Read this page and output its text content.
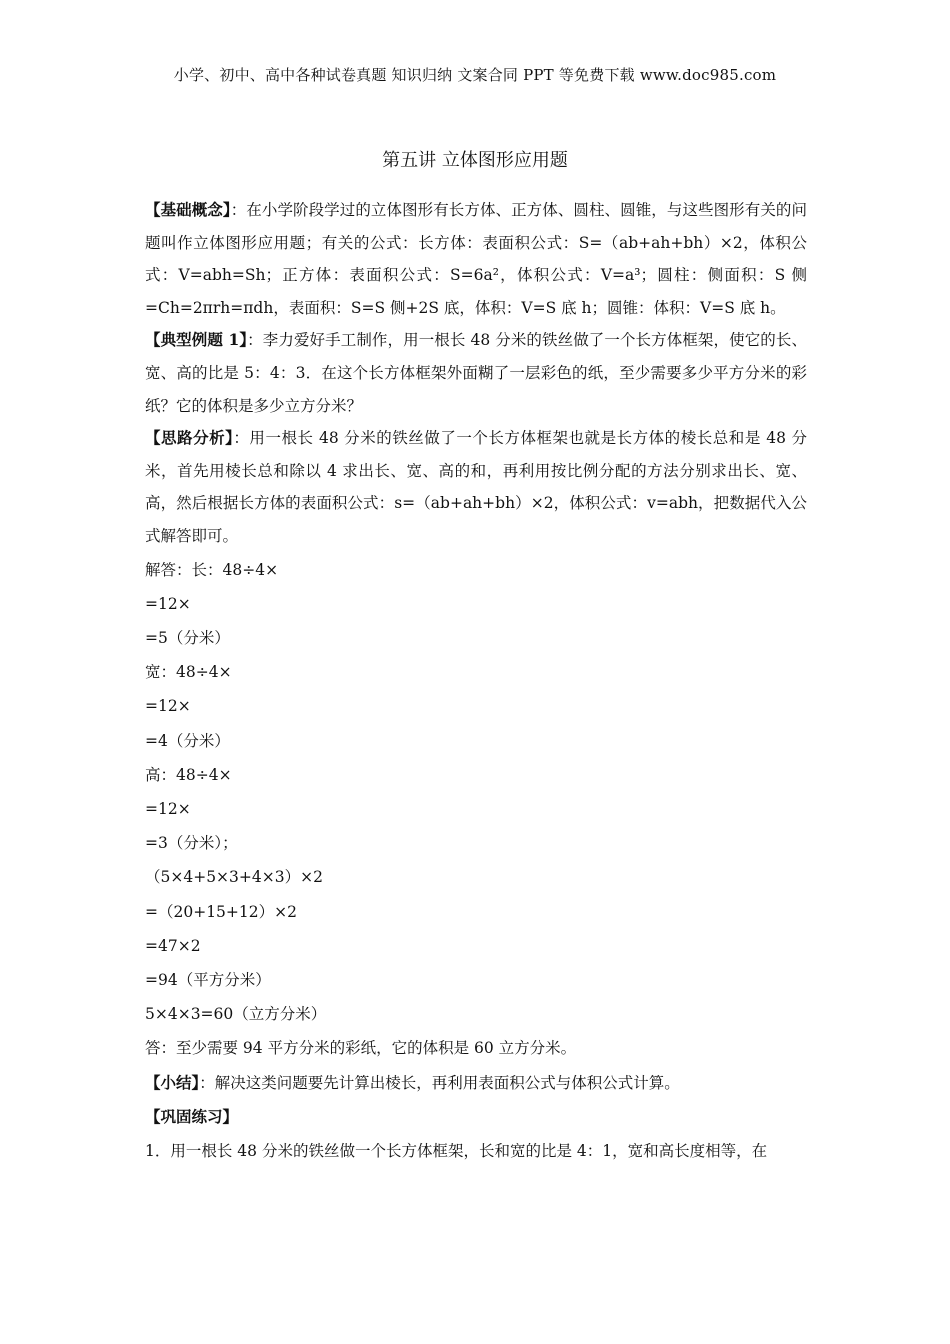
小学、初中、高中各种试卷真题 知识归纳 文案合同 PPT 等免费下载 www.doc985.com
第五讲 立体图形应用题

【基础概念】：在小学阶段学过的立体图形有长方体、正方体、圆柱、圆锥，与这些图形有关的问题叫作立体图形应用题；有关的公式：长方体：表面积公式：S=（ab+ah+bh）×2，体积公式：V=abh=Sh；正方体：表面积公式：S=6a²，体积公式：V=a³；圆柱：侧面积：S 侧=Ch=2πrh=πdh，表面积：S=S 侧+2S 底，体积：V=S 底 h；圆锥：体积：V=S 底 h。

【典型例题 1】：李力爱好手工制作，用一根长 48 分米的铁丝做了一个长方体框架，使它的长、宽、高的比是 5：4：3．在这个长方体框架外面糊了一层彩色的纸，至少需要多少平方分米的彩纸？它的体积是多少立方分米？

【思路分析】：用一根长 48 分米的铁丝做了一个长方体框架也就是长方体的棱长总和是 48 分米，首先用棱长总和除以 4 求出长、宽、高的和，再利用按比例分配的方法分别求出长、宽、高，然后根据长方体的表面积公式：s=（ab+ah+bh）×2，体积公式：v=abh，把数据代入公式解答即可。

解答：长：48÷4×

=12×

=5（分米）

宽：48÷4×

=12×

=4（分米）

高：48÷4×

=12×

=3（分米）；

（5×4+5×3+4×3）×2

=（20+15+12）×2

=47×2

=94（平方分米）

5×4×3=60（立方分米）

答：至少需要 94 平方分米的彩纸，它的体积是 60 立方分米。

【小结】：解决这类问题要先计算出棱长，再利用表面积公式与体积公式计算。

【巩固练习】

1．用一根长 48 分米的铁丝做一个长方体框架，长和宽的比是 4：1，宽和高长度相等，在
